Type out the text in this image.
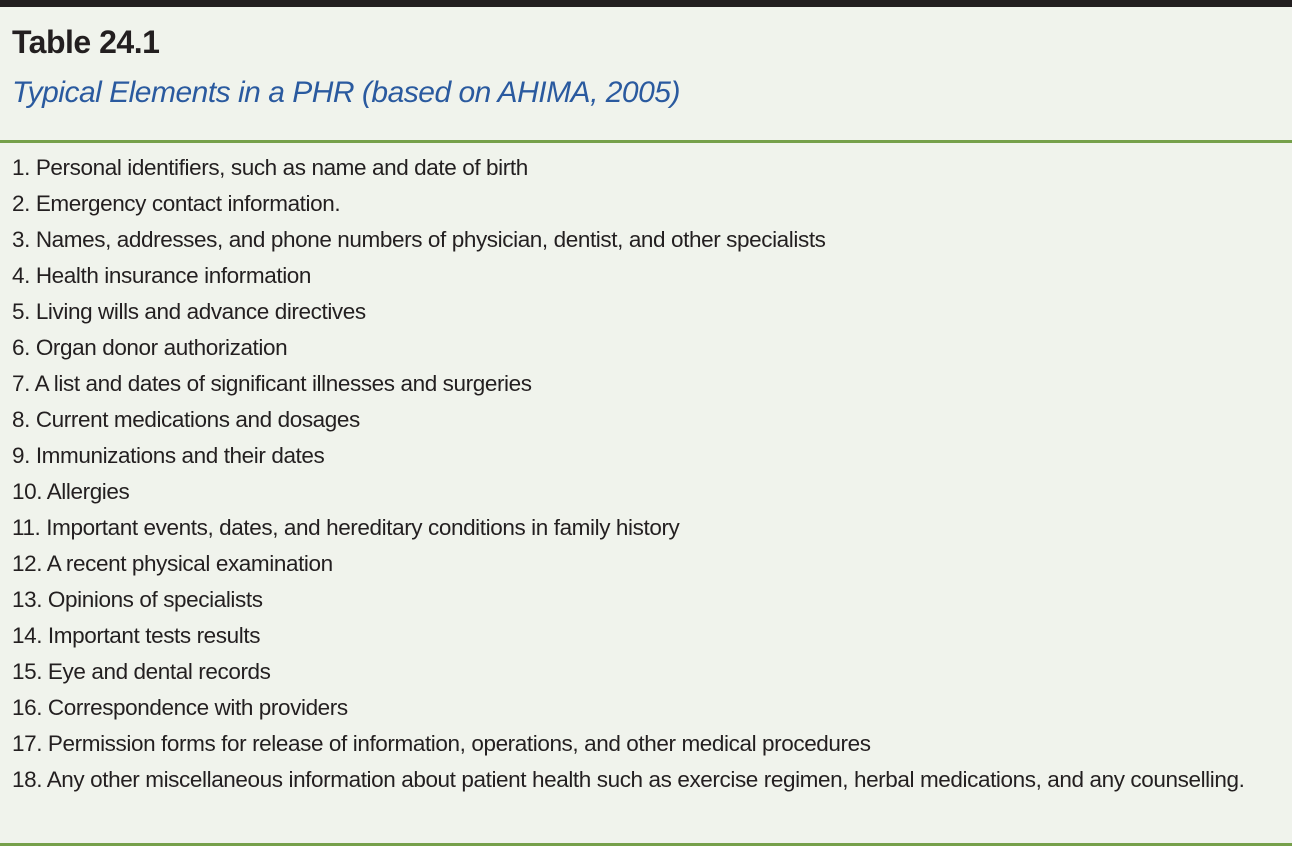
Table 24.1
Typical Elements in a PHR (based on AHIMA, 2005)
1. Personal identifiers, such as name and date of birth
2. Emergency contact information.
3. Names, addresses, and phone numbers of physician, dentist, and other specialists
4. Health insurance information
5. Living wills and advance directives
6. Organ donor authorization
7. A list and dates of significant illnesses and surgeries
8. Current medications and dosages
9. Immunizations and their dates
10. Allergies
11. Important events, dates, and hereditary conditions in family history
12. A recent physical examination
13. Opinions of specialists
14. Important tests results
15. Eye and dental records
16. Correspondence with providers
17. Permission forms for release of information, operations, and other medical procedures
18. Any other miscellaneous information about patient health such as exercise regimen, herbal medications, and any counselling.
